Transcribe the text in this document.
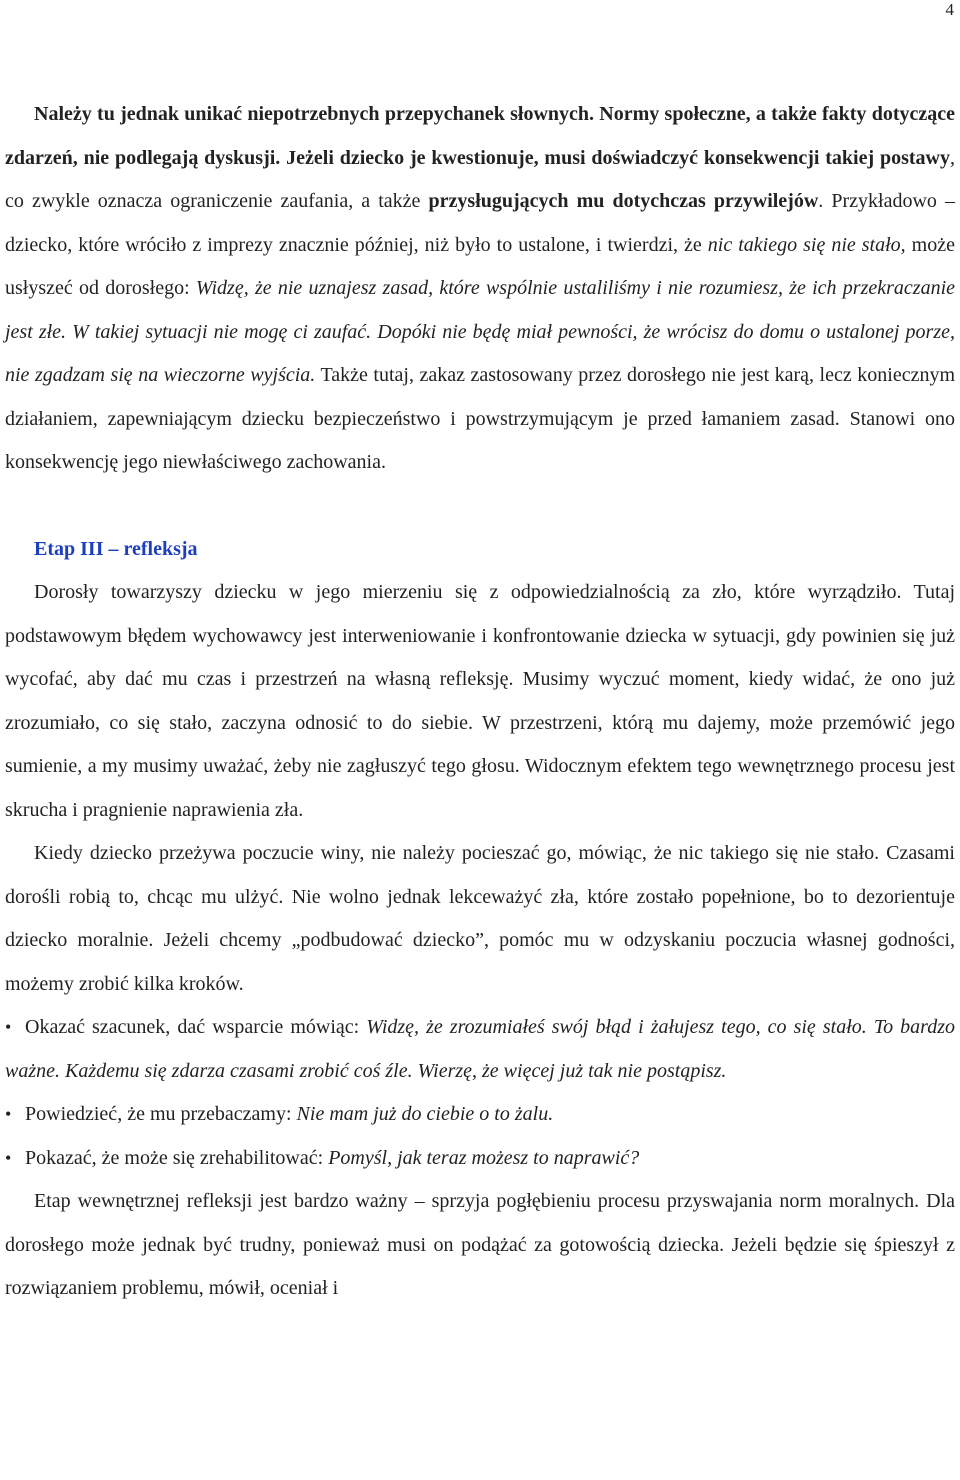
4

Należy tu jednak unikać niepotrzebnych przepychanek słownych. Normy społeczne, a także fakty dotyczące zdarzeń, nie podlegają dyskusji. Jeżeli dziecko je kwestionuje, musi doświadczyć konsekwencji takiej postawy, co zwykle oznacza ograniczenie zaufania, a także przysługujących mu dotychczas przywilejów. Przykładowo – dziecko, które wróciło z imprezy znacznie później, niż było to ustalone, i twierdzi, że nic takiego się nie stało, może usłyszeć od dorosłego: Widzę, że nie uznajesz zasad, które wspólnie ustaliliśmy i nie rozumiesz, że ich przekraczanie jest złe. W takiej sytuacji nie mogę ci zaufać. Dopóki nie będę miał pewności, że wrócisz do domu o ustalonej porze, nie zgadzam się na wieczorne wyjścia. Także tutaj, zakaz zastosowany przez dorosłego nie jest karą, lecz koniecznym działaniem, zapewniającym dziecku bezpieczeństwo i powstrzymującym je przed łamaniem zasad. Stanowi ono konsekwencję jego niewłaściwego zachowania.

Etap III – refleksja

Dorosły towarzyszy dziecku w jego mierzeniu się z odpowiedzialnością za zło, które wyrządziło. Tutaj podstawowym błędem wychowawcy jest interweniowanie i konfrontowanie dziecka w sytuacji, gdy powinien się już wycofać, aby dać mu czas i przestrzeń na własną refleksję. Musimy wyczuć moment, kiedy widać, że ono już zrozumiało, co się stało, zaczyna odnosić to do siebie. W przestrzeni, którą mu dajemy, może przemówić jego sumienie, a my musimy uważać, żeby nie zagłuszyć tego głosu. Widocznym efektem tego wewnętrznego procesu jest skrucha i pragnienie naprawienia zła.

Kiedy dziecko przeżywa poczucie winy, nie należy pocieszać go, mówiąc, że nic takiego się nie stało. Czasami dorośli robią to, chcąc mu ulżyć. Nie wolno jednak lekceważyć zła, które zostało popełnione, bo to dezorientuje dziecko moralnie. Jeżeli chcemy „podbudować dziecko”, pomóc mu w odzyskaniu poczucia własnej godności, możemy zrobić kilka kroków.

• Okazać szacunek, dać wsparcie mówiąc: Widzę, że zrozumiałeś swój błąd i żałujesz tego, co się stało. To bardzo ważne. Każdemu się zdarza czasami zrobić coś źle. Wierzę, że więcej już tak nie postąpisz.

• Powiedzieć, że mu przebaczamy: Nie mam już do ciebie o to żalu.

• Pokazać, że może się zrehabilitować: Pomyśl, jak teraz możesz to naprawić?

Etap wewnętrznej refleksji jest bardzo ważny – sprzyja pogłębieniu procesu przyswajania norm moralnych. Dla dorosłego może jednak być trudny, ponieważ musi on podążać za gotowością dziecka. Jeżeli będzie się śpieszył z rozwiązaniem problemu, mówił, oceniał i
